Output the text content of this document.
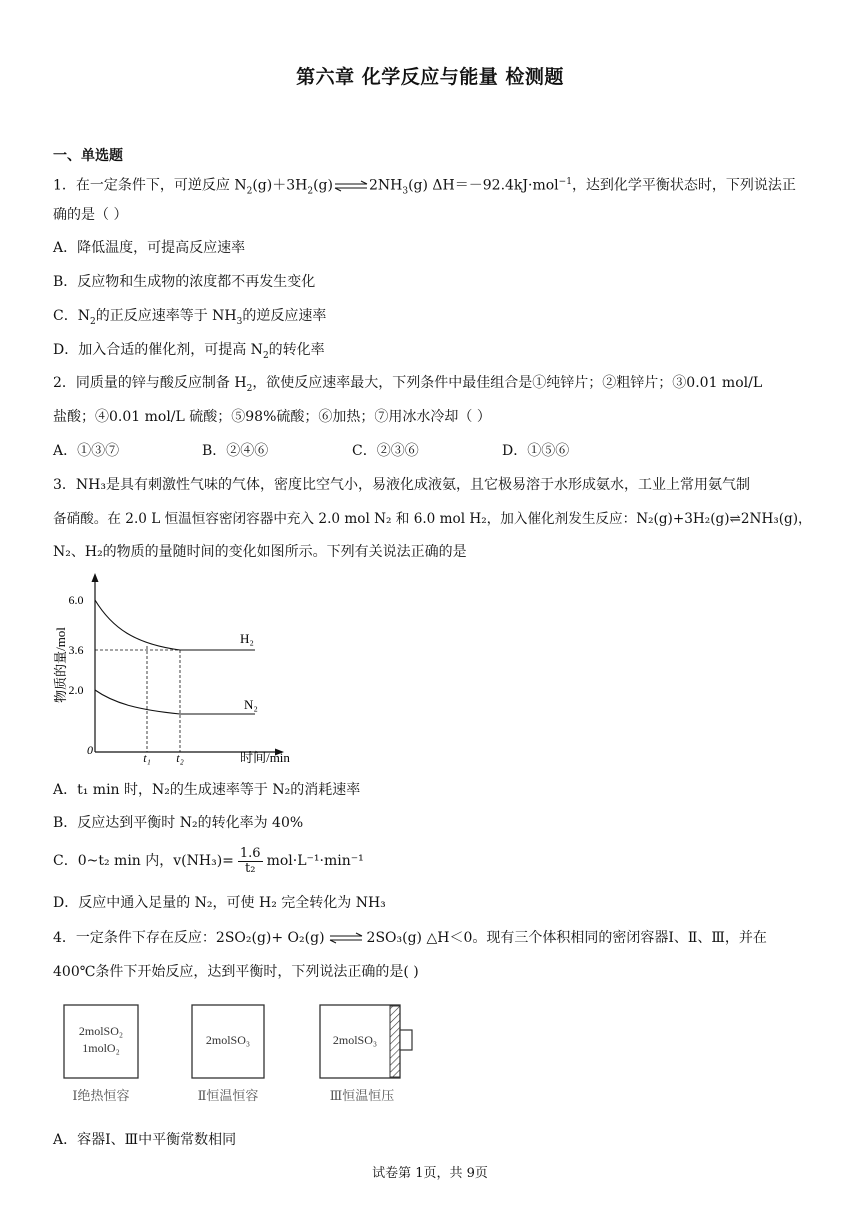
第六章 化学反应与能量 检测题
一、单选题
1．在一定条件下，可逆反应 $N_2(g)+3H_2(g)\rightleftharpoons 2NH_3(g)$ ΔH＝－92.4kJ·mol$^{-1}$，达到化学平衡状态时，下列说法正
确的是（ ）
A．降低温度，可提高反应速率
B．反应物和生成物的浓度都不再发生变化
C．$N_2$的正反应速率等于 $NH_3$的逆反应速率
D．加入合适的催化剂，可提高 $N_2$的转化率
2．同质量的锌与酸反应制备 $H_2$，欲使反应速率最大，下列条件中最佳组合是①纯锌片；②粗锌片；③0.01 mol/L
盐酸；④0.01 mol/L 硫酸；⑤98%硫酸；⑥加热；⑦用冰水冷却（ ）
A．①③⑦	B．②④⑥	C．②③⑥	D．①⑤⑥
3．NH₃是具有刺激性气味的气体，密度比空气小，易液化成液氨，且它极易溶于水形成氨水，工业上常用氨气制
备硝酸。在 2.0 L 恒温恒容密闭容器中充入 2.0 mol N₂ 和 6.0 mol H₂，加入催化剂发生反应：N₂(g)+3H₂(g)⇌2NH₃(g)，
N₂、H₂的物质的量随时间的变化如图所示。下列有关说法正确的是
6.0
3.6
2.0
0
t₁ t₂	时间/min
H₂
N₂
物质的量/mol
A．t₁ min 时，N₂的生成速率等于 N₂的消耗速率
B．反应达到平衡时 N₂的转化率为 40%
C．0~t₂ min 内，$v(NH_3)= \frac{1.6}{\text{t₂}} mol\cdot L^{-1}\cdot\min^{-1}$
D．反应中通入足量的 N₂，可使 H₂ 完全转化为 NH₃
4．一定条件下存在反应：2SO₂(g)+ O₂(g) ⇌ 2SO₃(g) △H＜0。现有三个体积相同的密闭容器Ⅰ、Ⅱ、Ⅲ，并在
400℃条件下开始反应，达到平衡时，下列说法正确的是( )
2molSO₂
1molO₂
Ⅰ绝热恒容
2molSO₃
Ⅱ恒温恒容
2molSO₃
Ⅲ恒温恒压
A．容器Ⅰ、Ⅲ中平衡常数相同
试卷第 1页，共 9页
